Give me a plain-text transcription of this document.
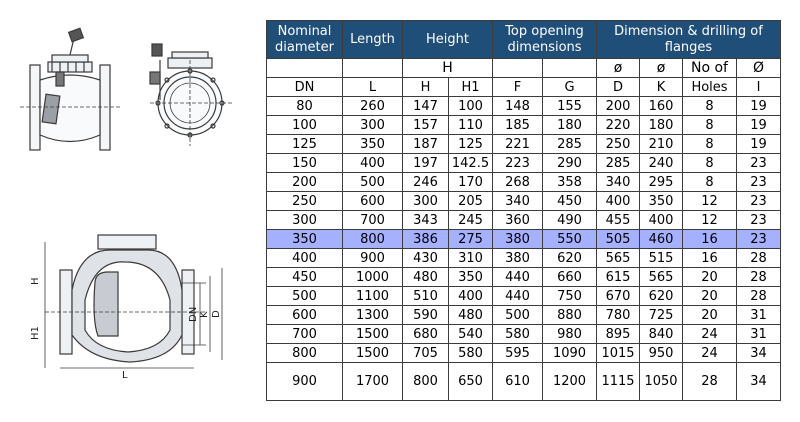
H
H1
L
DN K D
Nominal diameter	Length	Height		Top opening dimensions		Dimension & drilling of flanges			
		H				ø	ø	No of	Ø
DN	L	H	H1	F	G	D	K	Holes	I
80	260	147	100	148	155	200	160	8	19
100	300	157	110	185	180	220	180	8	19
125	350	187	125	221	285	250	210	8	19
150	400	197	142.5	223	290	285	240	8	23
200	500	246	170	268	358	340	295	8	23
250	600	300	205	340	450	400	350	12	23
300	700	343	245	360	490	455	400	12	23
350	800	386	275	380	550	505	460	16	23
400	900	430	310	380	620	565	515	16	28
450	1000	480	350	440	660	615	565	20	28
500	1100	510	400	440	750	670	620	20	28
600	1300	590	480	500	880	780	725	20	31
700	1500	680	540	580	980	895	840	24	31
800	1500	705	580	595	1090	1015	950	24	34
900	1700	800	650	610	1200	1115	1050	28	34
